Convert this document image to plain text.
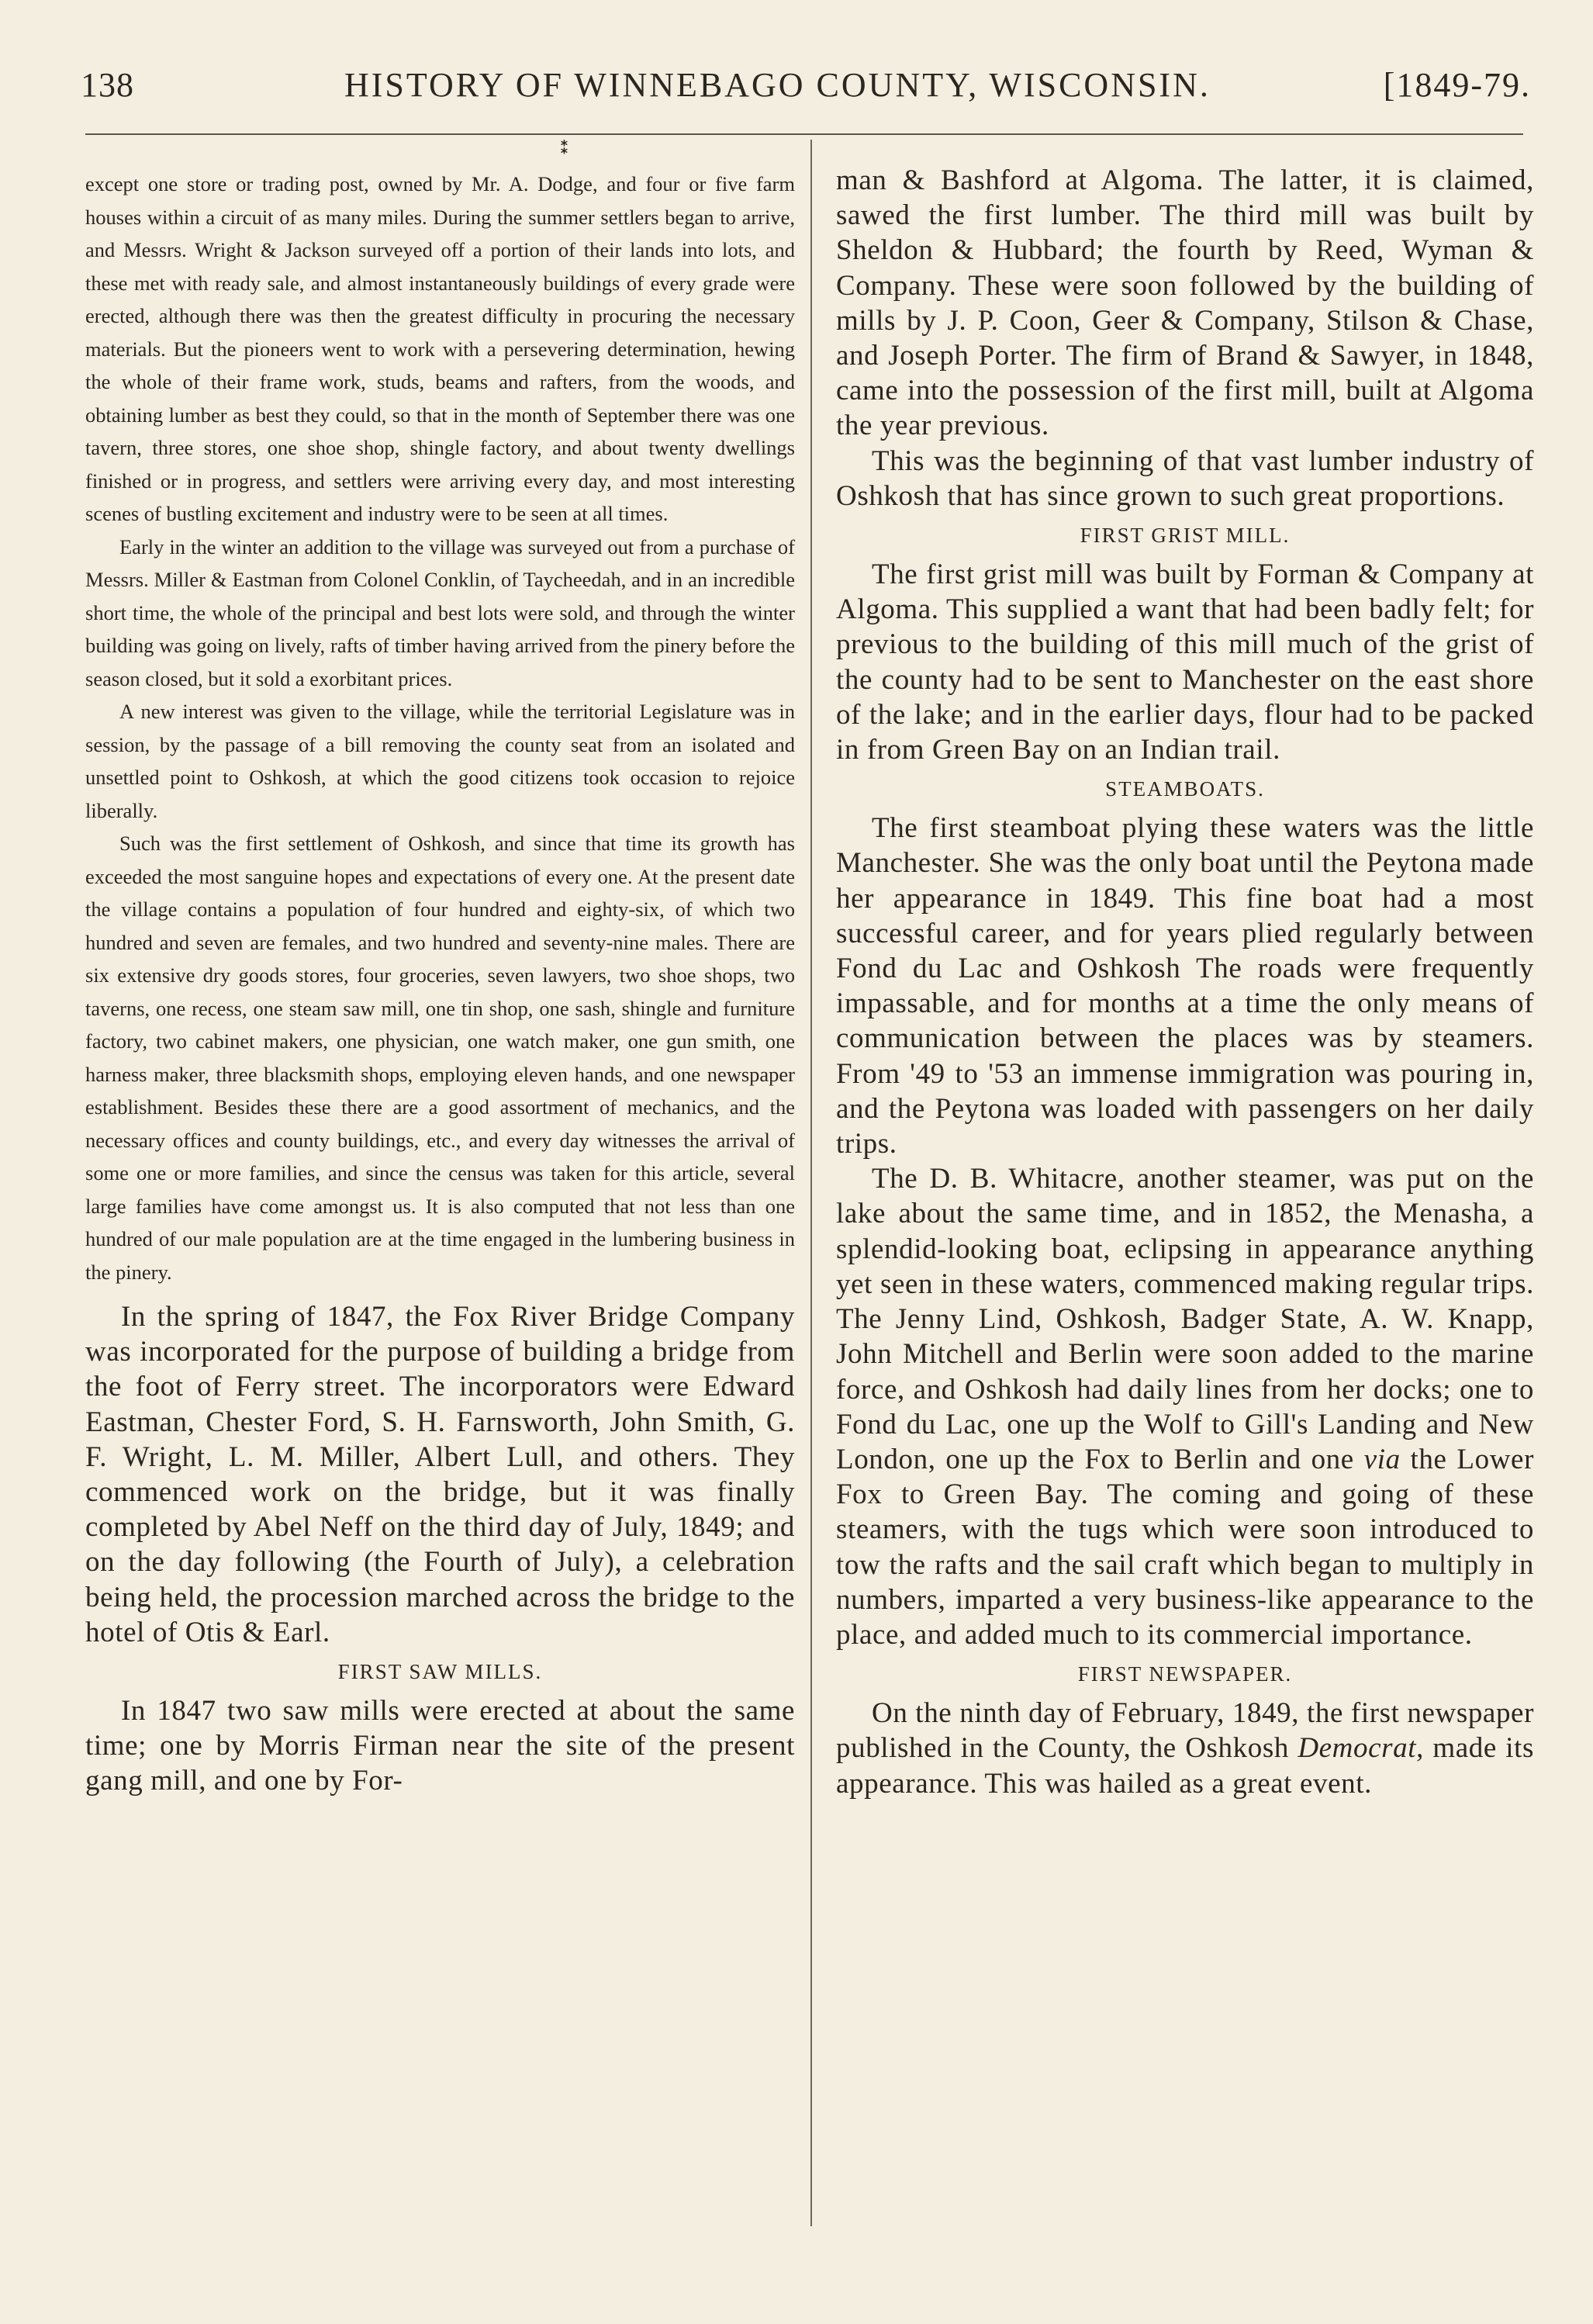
138	HISTORY OF WINNEBAGO COUNTY, WISCONSIN.	[1849-79.
⁑

except one store or trading post, owned by Mr. A. Dodge, and four or five farm houses within a circuit of as many miles. During the summer settlers began to arrive, and Messrs. Wright & Jackson surveyed off a portion of their lands into lots, and these met with ready sale, and almost instantaneously buildings of every grade were erected, although there was then the greatest difficulty in procuring the necessary materials. But the pioneers went to work with a persevering determination, hewing the whole of their frame work, studs, beams and rafters, from the woods, and obtaining lumber as best they could, so that in the month of September there was one tavern, three stores, one shoe shop, shingle factory, and about twenty dwellings finished or in progress, and settlers were arriving every day, and most interesting scenes of bustling excitement and industry were to be seen at all times.

Early in the winter an addition to the village was surveyed out from a purchase of Messrs. Miller & Eastman from Colonel Conklin, of Taycheedah, and in an incredible short time, the whole of the principal and best lots were sold, and through the winter building was going on lively, rafts of timber having arrived from the pinery before the season closed, but it sold a exorbitant prices.

A new interest was given to the village, while the territorial Legislature was in session, by the passage of a bill removing the county seat from an isolated and unsettled point to Oshkosh, at which the good citizens took occasion to rejoice liberally.

Such was the first settlement of Oshkosh, and since that time its growth has exceeded the most sanguine hopes and expectations of every one. At the present date the village contains a population of four hundred and eighty-six, of which two hundred and seven are females, and two hundred and seventy-nine males. There are six extensive dry goods stores, four groceries, seven lawyers, two shoe shops, two taverns, one recess, one steam saw mill, one tin shop, one sash, shingle and furniture factory, two cabinet makers, one physician, one watch maker, one gun smith, one harness maker, three blacksmith shops, employing eleven hands, and one newspaper establishment. Besides these there are a good assortment of mechanics, and the necessary offices and county buildings, etc., and every day witnesses the arrival of some one or more families, and since the census was taken for this article, several large families have come amongst us. It is also computed that not less than one hundred of our male population are at the time engaged in the lumbering business in the pinery.

In the spring of 1847, the Fox River Bridge Company was incorporated for the purpose of building a bridge from the foot of Ferry street. The incorporators were Edward Eastman, Chester Ford, S. H. Farnsworth, John Smith, G. F. Wright, L. M. Miller, Albert Lull, and others. They commenced work on the bridge, but it was finally completed by Abel Neff on the third day of July, 1849; and on the day following (the Fourth of July), a celebration being held, the procession marched across the bridge to the hotel of Otis & Earl.

FIRST SAW MILLS.

In 1847 two saw mills were erected at about the same time; one by Morris Firman near the site of the present gang mill, and one by For-

man & Bashford at Algoma. The latter, it is claimed, sawed the first lumber. The third mill was built by Sheldon & Hubbard; the fourth by Reed, Wyman & Company. These were soon followed by the building of mills by J. P. Coon, Geer & Company, Stilson & Chase, and Joseph Porter. The firm of Brand & Sawyer, in 1848, came into the possession of the first mill, built at Algoma the year previous.

This was the beginning of that vast lumber industry of Oshkosh that has since grown to such great proportions.

FIRST GRIST MILL.

The first grist mill was built by Forman & Company at Algoma. This supplied a want that had been badly felt; for previous to the building of this mill much of the grist of the county had to be sent to Manchester on the east shore of the lake; and in the earlier days, flour had to be packed in from Green Bay on an Indian trail.

STEAMBOATS.

The first steamboat plying these waters was the little Manchester. She was the only boat until the Peytona made her appearance in 1849. This fine boat had a most successful career, and for years plied regularly between Fond du Lac and Oshkosh The roads were frequently impassable, and for months at a time the only means of communication between the places was by steamers. From '49 to '53 an immense immigration was pouring in, and the Peytona was loaded with passengers on her daily trips.

The D. B. Whitacre, another steamer, was put on the lake about the same time, and in 1852, the Menasha, a splendid-looking boat, eclipsing in appearance anything yet seen in these waters, commenced making regular trips. The Jenny Lind, Oshkosh, Badger State, A. W. Knapp, John Mitchell and Berlin were soon added to the marine force, and Oshkosh had daily lines from her docks; one to Fond du Lac, one up the Wolf to Gill's Landing and New London, one up the Fox to Berlin and one via the Lower Fox to Green Bay. The coming and going of these steamers, with the tugs which were soon introduced to tow the rafts and the sail craft which began to multiply in numbers, imparted a very business-like appearance to the place, and added much to its commercial importance.

FIRST NEWSPAPER.

On the ninth day of February, 1849, the first newspaper published in the County, the Oshkosh Democrat, made its appearance. This was hailed as a great event.
